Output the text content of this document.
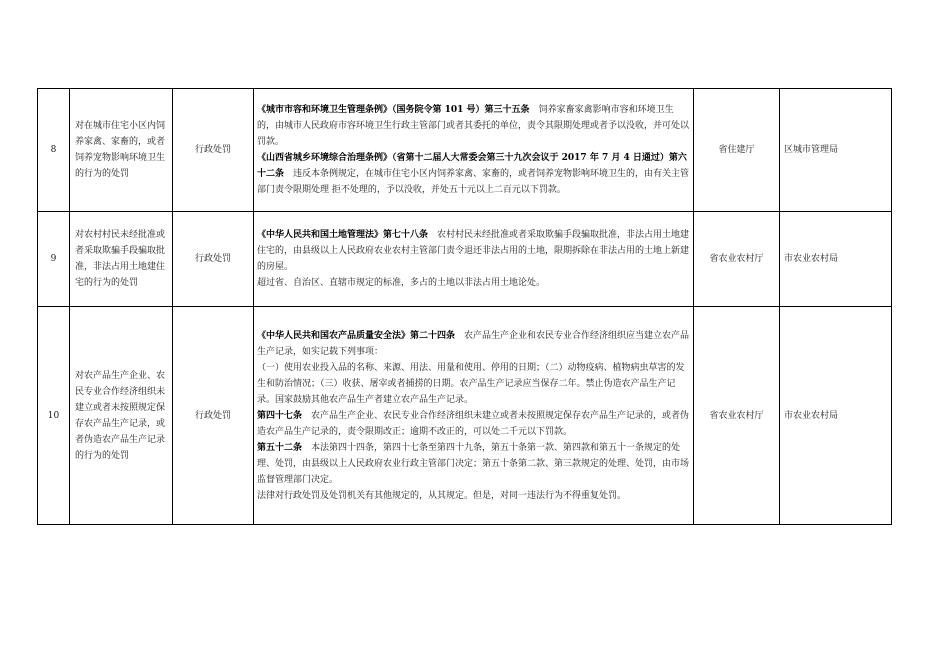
8	对在城市住宅小区内饲养家禽、家畜的，或者饲养宠物影响环境卫生的行为的处罚	行政处罚	《城市市容和环境卫生管理条例》（国务院令第 101 号）第三十五条 饲养家畜家禽影响市容和环境卫生的，由城市人民政府市容环境卫生行政主管部门或者其委托的单位，责令其限期处理或者予以没收，并可处以罚款。

《山西省城乡环境综合治理条例》（省第十二届人大常委会第三十九次会议于 2017 年 7 月 4 日通过）第六十二条 违反本条例规定，在城市住宅小区内饲养家禽、家畜的，或者饲养宠物影响环境卫生的，由有关主管部门责令限期处理 拒不处理的，予以没收，并处五十元以上二百元以下罚款。	省住建厅	区城市管理局
9	对农村村民未经批准或者采取欺骗手段骗取批准，非法占用土地建住宅的行为的处罚	行政处罚	《中华人民共和国土地管理法》第七十八条 农村村民未经批准或者采取欺骗手段骗取批准，非法占用土地建住宅的，由县级以上人民政府农业农村主管部门责令退还非法占用的土地，限期拆除在非法占用的土地上新建的房屋。

超过省、自治区、直辖市规定的标准，多占的土地以非法占用土地论处。	省农业农村厅	市农业农村局
10	对农产品生产企业、农民专业合作经济组织未建立或者未按照规定保存农产品生产记录，或者伪造农产品生产记录的行为的处罚	行政处罚	《中华人民共和国农产品质量安全法》第二十四条 农产品生产企业和农民专业合作经济组织应当建立农产品生产记录，如实记载下列事项：

（一）使用农业投入品的名称、来源、用法、用量和使用、停用的日期；（二）动物疫病、植物病虫草害的发生和防治情况；（三）收获、屠宰或者捕捞的日期。农产品生产记录应当保存二年。禁止伪造农产品生产记录。国家鼓励其他农产品生产者建立农产品生产记录。

第四十七条 农产品生产企业、农民专业合作经济组织未建立或者未按照规定保存农产品生产记录的，或者伪造农产品生产记录的，责令限期改正；逾期不改正的，可以处二千元以下罚款。

第五十二条 本法第四十四条，第四十七条至第四十九条，第五十条第一款、第四款和第五十一条规定的处理、处罚，由县级以上人民政府农业行政主管部门决定；第五十条第二款、第三款规定的处理、处罚，由市场监督管理部门决定。

法律对行政处罚及处罚机关有其他规定的，从其规定。但是，对同一违法行为不得重复处罚。	省农业农村厅	市农业农村局
